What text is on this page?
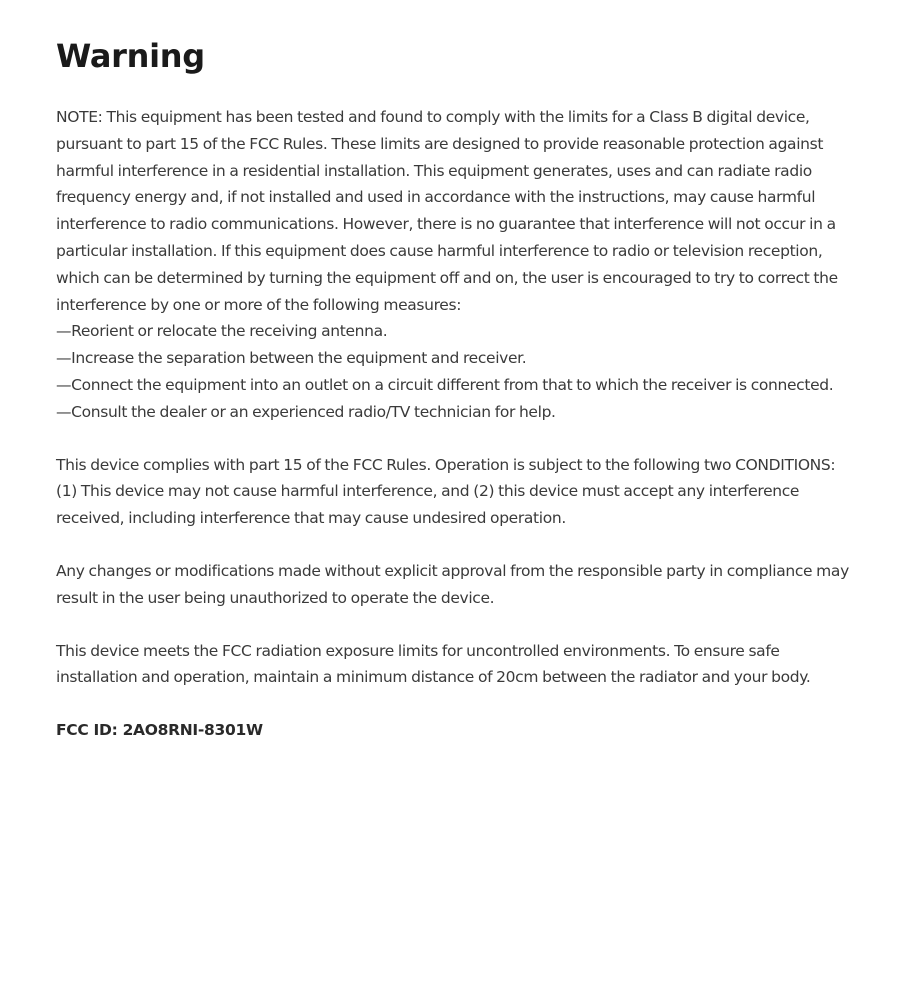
Warning

NOTE: This equipment has been tested and found to comply with the limits for a Class B digital device, pursuant to part 15 of the FCC Rules. These limits are designed to provide reasonable protection against harmful interference in a residential installation. This equipment generates, uses and can radiate radio frequency energy and, if not installed and used in accordance with the instructions, may cause harmful interference to radio communications. However, there is no guarantee that interference will not occur in a particular installation. If this equipment does cause harmful interference to radio or television reception, which can be determined by turning the equipment off and on, the user is encouraged to try to correct the interference by one or more of the following measures:
—Reorient or relocate the receiving antenna.
—Increase the separation between the equipment and receiver.
—Connect the equipment into an outlet on a circuit different from that to which the receiver is connected.
—Consult the dealer or an experienced radio/TV technician for help.

This device complies with part 15 of the FCC Rules. Operation is subject to the following two CONDITIONS: (1) This device may not cause harmful interference, and (2) this device must accept any interference received, including interference that may cause undesired operation.

Any changes or modifications made without explicit approval from the responsible party in compliance may result in the user being unauthorized to operate the device.

This device meets the FCC radiation exposure limits for uncontrolled environments. To ensure safe installation and operation, maintain a minimum distance of 20cm between the radiator and your body.

FCC ID: 2AO8RNI-8301W
